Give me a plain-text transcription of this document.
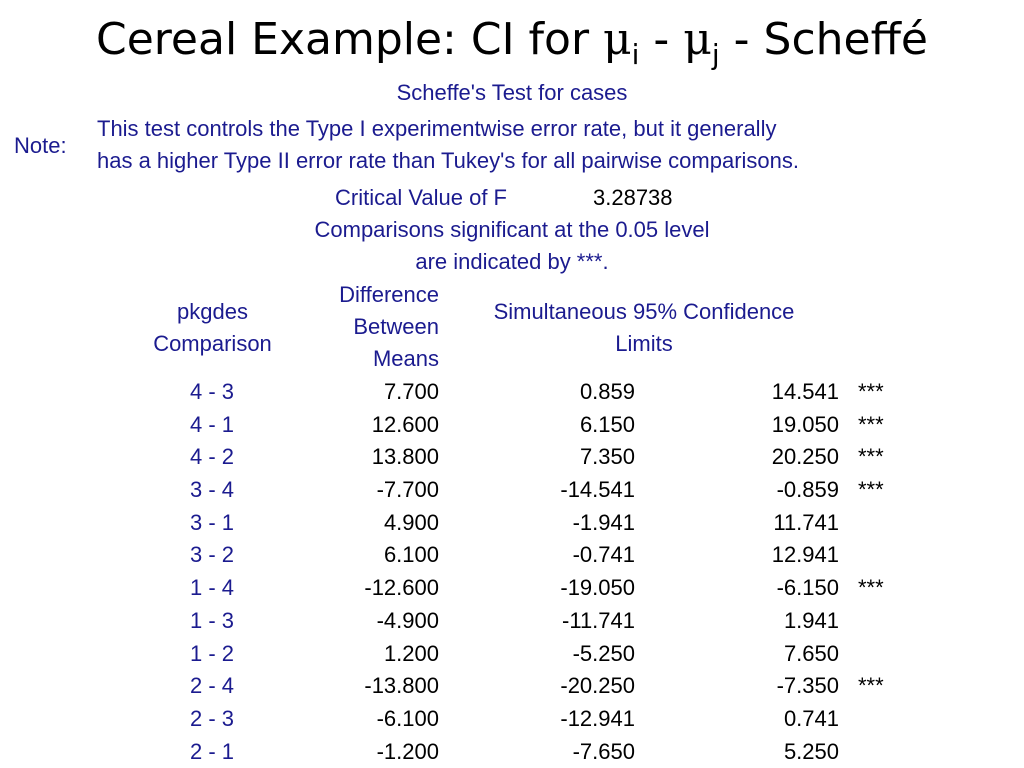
Cereal Example: CI for $\mu_i - \mu_j$ - Scheffé
Scheffe's Test for cases
Note:
This test controls the Type I experimentwise error rate, but it generally
has a higher Type II error rate than Tukey's for all pairwise comparisons.
Critical Value of F	3.28738
Comparisons significant at the 0.05 level
are indicated by ***.
pkgdes
Comparison
Difference
Between
Means
Simultaneous 95% Confidence
Limits
4 - 3	7.700	0.859	14.541 ***
4 - 1	12.600	6.150	19.050 ***
4 - 2	13.800	7.350	20.250 ***
3 - 4	-7.700	-14.541	-0.859 ***
3 - 1	4.900	-1.941	11.741
3 - 2	6.100	-0.741	12.941
1 - 4	-12.600	-19.050	-6.150 ***
1 - 3	-4.900	-11.741	1.941
1 - 2	1.200	-5.250	7.650
2 - 4	-13.800	-20.250	-7.350 ***
2 - 3	-6.100	-12.941	0.741
2 - 1	-1.200	-7.650	5.250
